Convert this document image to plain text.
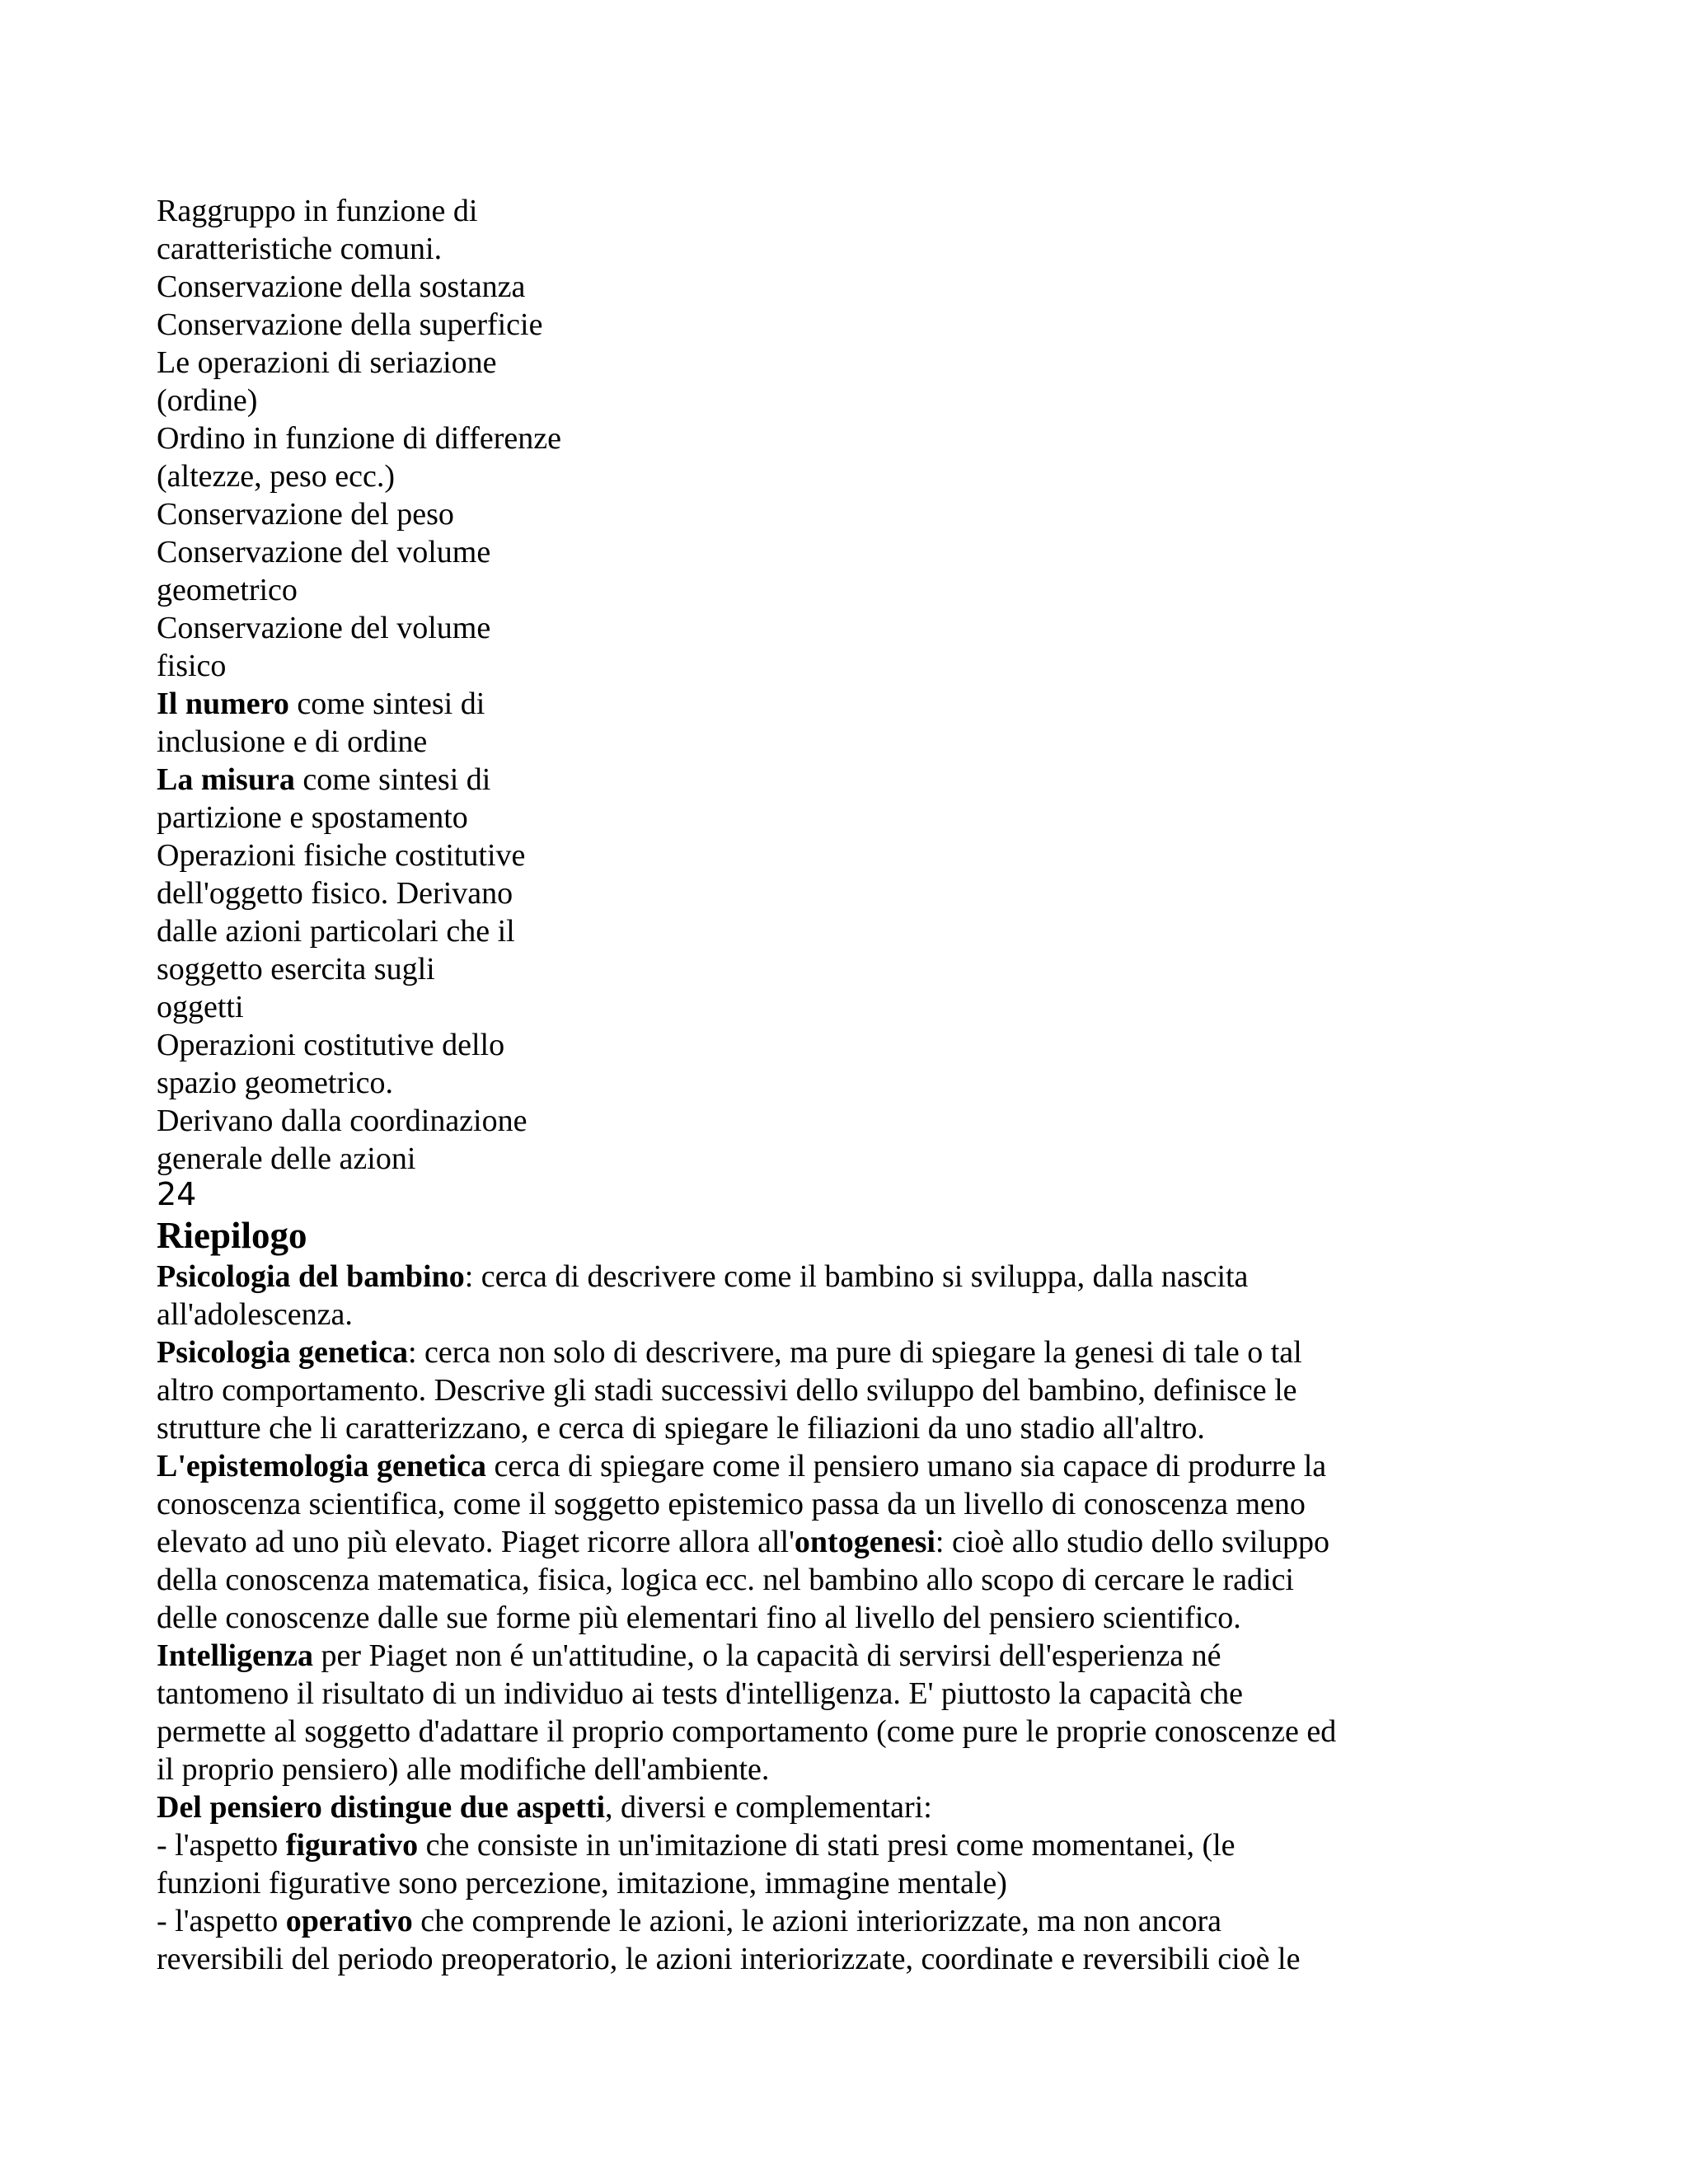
Raggruppo in funzione di
caratteristiche comuni.
Conservazione della sostanza
Conservazione della superficie
Le operazioni di seriazione
(ordine)
Ordino in funzione di differenze
(altezze, peso ecc.)
Conservazione del peso
Conservazione del volume
geometrico
Conservazione del volume
fisico
Il numero come sintesi di
inclusione e di ordine
La misura come sintesi di
partizione e spostamento
Operazioni fisiche costitutive
dell'oggetto fisico. Derivano
dalle azioni particolari che il
soggetto esercita sugli
oggetti
Operazioni costitutive dello
spazio geometrico.
Derivano dalla coordinazione
generale delle azioni
24
Riepilogo
Psicologia del bambino: cerca di descrivere come il bambino si sviluppa, dalla nascita
all'adolescenza.
Psicologia genetica: cerca non solo di descrivere, ma pure di spiegare la genesi di tale o tal
altro comportamento. Descrive gli stadi successivi dello sviluppo del bambino, definisce le
strutture che li caratterizzano, e cerca di spiegare le filiazioni da uno stadio all'altro.
L'epistemologia genetica cerca di spiegare come il pensiero umano sia capace di produrre la
conoscenza scientifica, come il soggetto epistemico passa da un livello di conoscenza meno
elevato ad uno più elevato. Piaget ricorre allora all'ontogenesi: cioè allo studio dello sviluppo
della conoscenza matematica, fisica, logica ecc. nel bambino allo scopo di cercare le radici
delle conoscenze dalle sue forme più elementari fino al livello del pensiero scientifico.
Intelligenza per Piaget non é un'attitudine, o la capacità di servirsi dell'esperienza né
tantomeno il risultato di un individuo ai tests d'intelligenza. E' piuttosto la capacità che
permette al soggetto d'adattare il proprio comportamento (come pure le proprie conoscenze ed
il proprio pensiero) alle modifiche dell'ambiente.
Del pensiero distingue due aspetti, diversi e complementari:
- l'aspetto figurativo che consiste in un'imitazione di stati presi come momentanei, (le
funzioni figurative sono percezione, imitazione, immagine mentale)
- l'aspetto operativo che comprende le azioni, le azioni interiorizzate, ma non ancora
reversibili del periodo preoperatorio, le azioni interiorizzate, coordinate e reversibili cioè le
